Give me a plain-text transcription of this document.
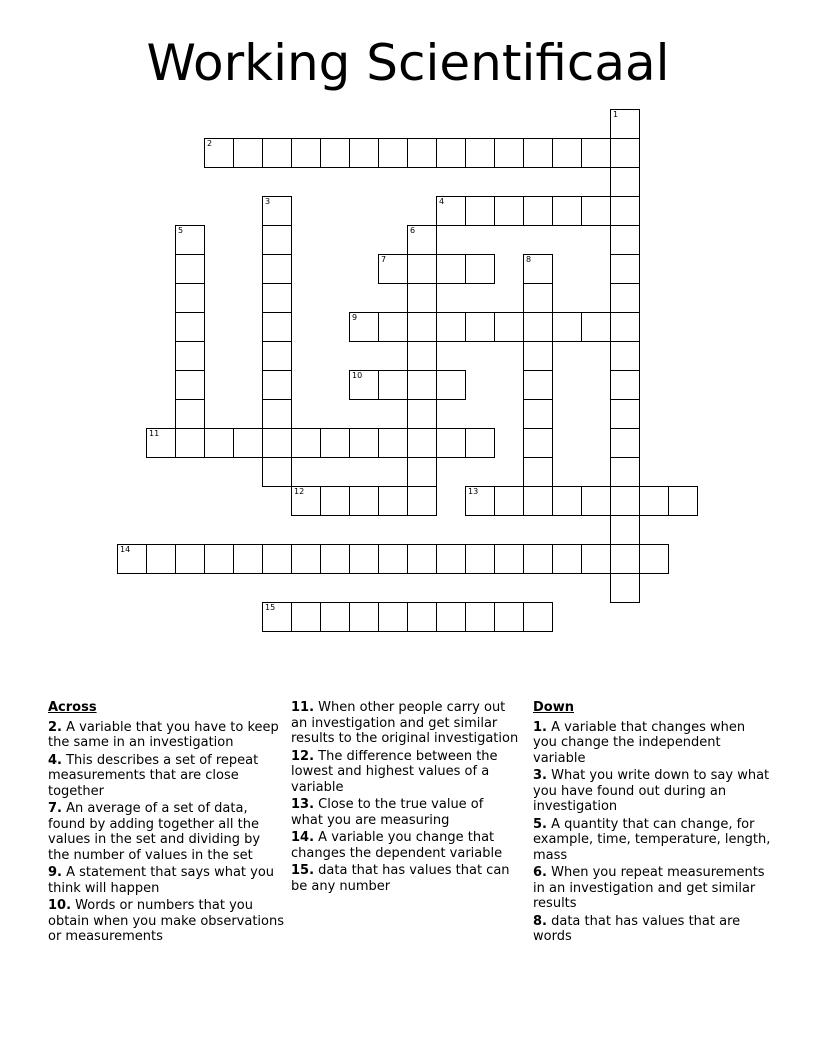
Working Scientificaal
1
2
3	4
5	6
7	8
9
10
11
12	13
14
15
Across
2. A variable that you have to keep the same in an investigation
4. This describes a set of repeat measurements that are close together
7. An average of a set of data, found by adding together all the values in the set and dividing by the number of values in the set
9. A statement that says what you think will happen
10. Words or numbers that you obtain when you make observations or measurements
11. When other people carry out an investigation and get similar results to the original investigation
12. The difference between the lowest and highest values of a variable
13. Close to the true value of what you are measuring
14. A variable you change that changes the dependent variable
15. data that has values that can be any number
Down
1. A variable that changes when you change the independent variable
3. What you write down to say what you have found out during an investigation
5. A quantity that can change, for example, time, temperature, length, mass
6. When you repeat measurements in an investigation and get similar results
8. data that has values that are words
